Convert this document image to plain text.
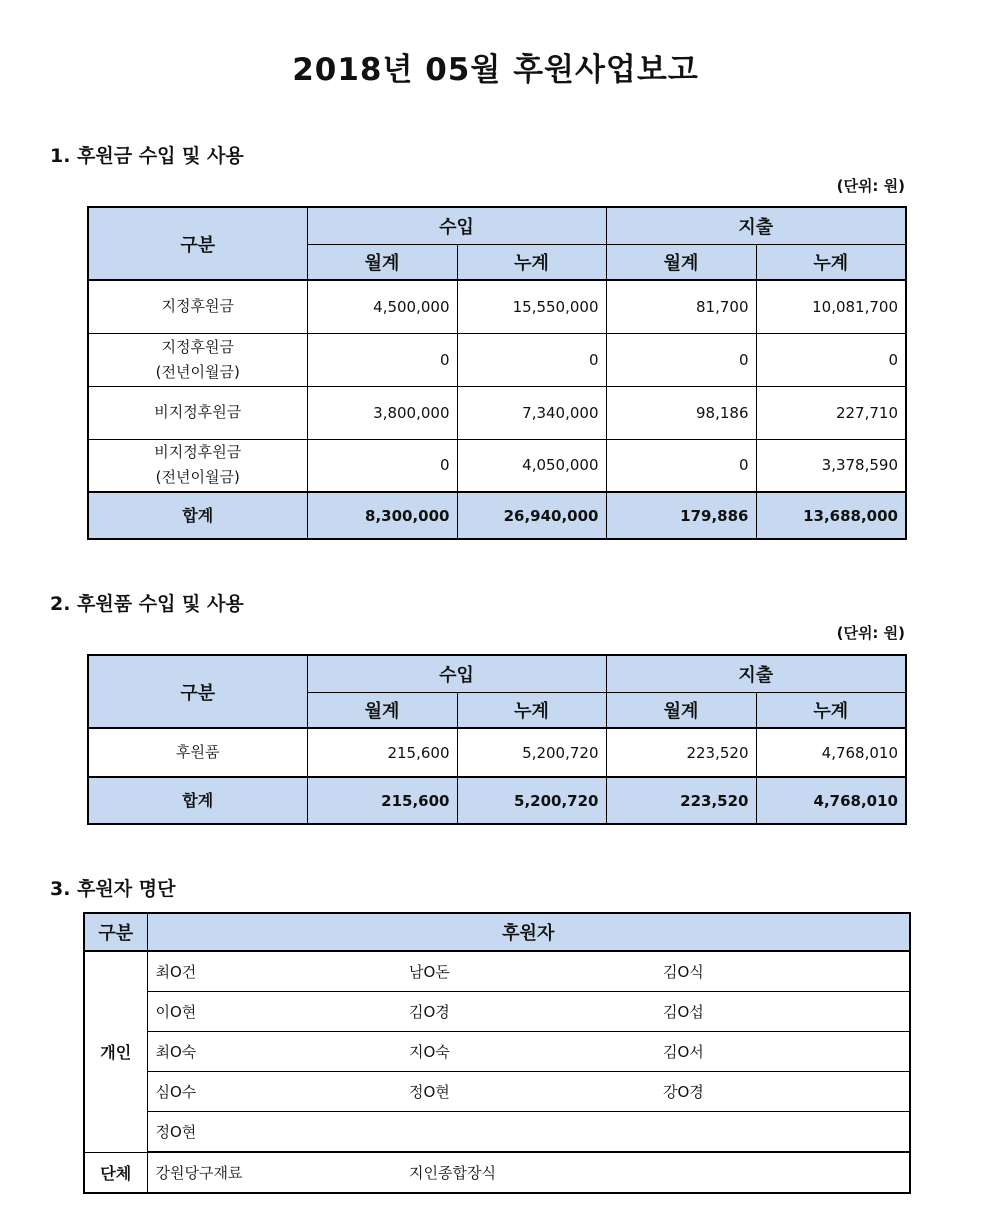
2018년 05월 후원사업보고
1. 후원금 수입 및 사용
(단위: 원)
구분	수입		지출	
	월계	누계	월계	누계
지정후원금	4,500,000	15,550,000	81,700	10,081,700
지정후원금
(전년이월금)	0	0	0	0
비지정후원금	3,800,000	7,340,000	98,186	227,710
비지정후원금
(전년이월금)	0	4,050,000	0	3,378,590
합계	8,300,000	26,940,000	179,886	13,688,000
2. 후원품 수입 및 사용
(단위: 원)
구분	수입		지출	
	월계	누계	월계	누계
후원품	215,600	5,200,720	223,520	4,768,010
합계	215,600	5,200,720	223,520	4,768,010
3. 후원자 명단
구분	후원자		
개인	최O건	남O돈	김O식
	이O현	김O경	김O섭
	최O숙	지O숙	김O서
	심O수	정O현	강O경
	정O현		
단체	강원당구재료	지인종합장식	
